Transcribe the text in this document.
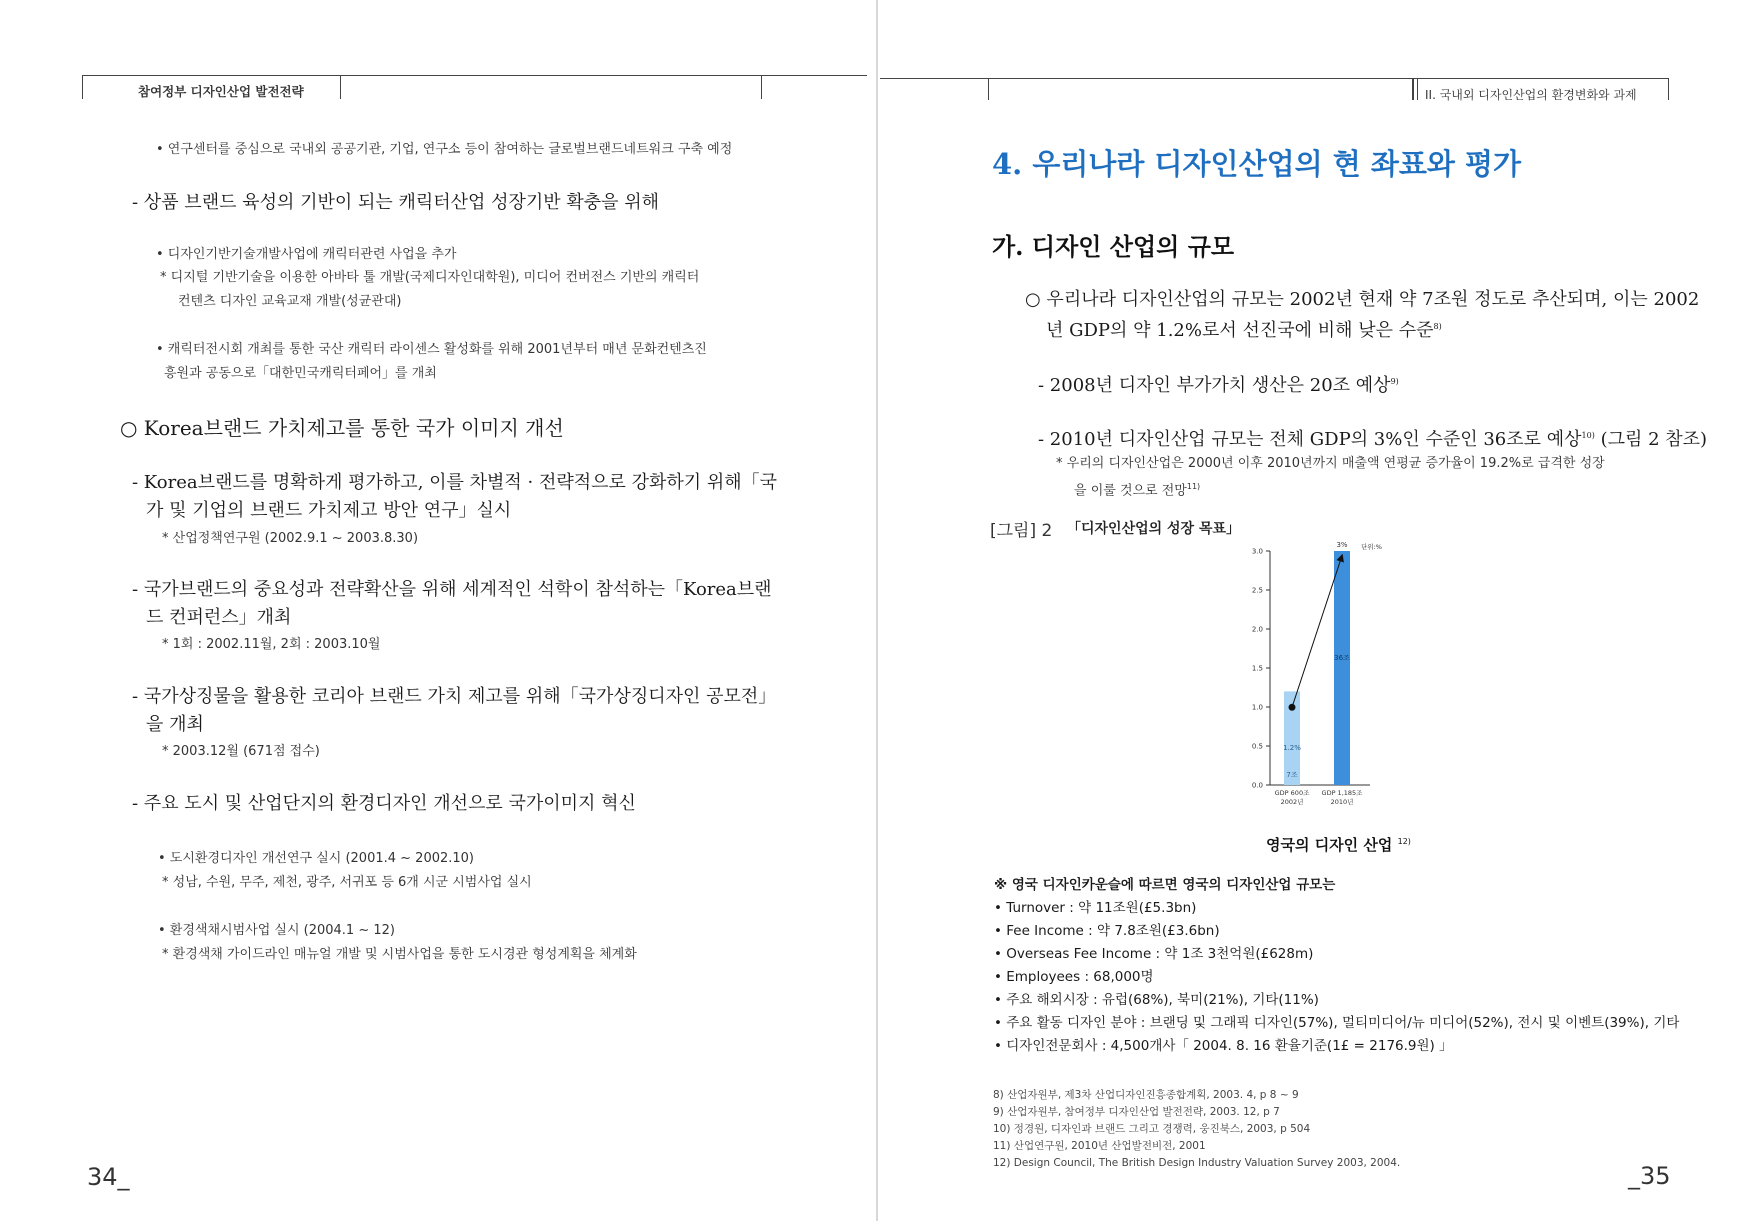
참여정부 디자인산업 발전전략
• 연구센터를 중심으로 국내외 공공기관, 기업, 연구소 등이 참여하는 글로벌브랜드네트워크 구축 예정
- 상품 브랜드 육성의 기반이 되는 캐릭터산업 성장기반 확충을 위해
• 디자인기반기술개발사업에 캐릭터관련 사업을 추가
* 디지털 기반기술을 이용한 아바타 툴 개발(국제디자인대학원), 미디어 컨버전스 기반의 캐릭터
컨텐츠 디자인 교육교재 개발(성균관대)
• 캐릭터전시회 개최를 통한 국산 캐릭터 라이센스 활성화를 위해 2001년부터 매년 문화컨텐츠진
흥원과 공동으로「대한민국캐릭터페어」를 개최
○ Korea브랜드 가치제고를 통한 국가 이미지 개선
- Korea브랜드를 명확하게 평가하고, 이를 차별적 · 전략적으로 강화하기 위해「국
가 및 기업의 브랜드 가치제고 방안 연구」실시
* 산업정책연구원 (2002.9.1 ~ 2003.8.30)
- 국가브랜드의 중요성과 전략확산을 위해 세계적인 석학이 참석하는「Korea브랜
드 컨퍼런스」개최
* 1회 : 2002.11월, 2회 : 2003.10월
- 국가상징물을 활용한 코리아 브랜드 가치 제고를 위해「국가상징디자인 공모전」
을 개최
* 2003.12월 (671점 접수)
- 주요 도시 및 산업단지의 환경디자인 개선으로 국가이미지 혁신
• 도시환경디자인 개선연구 실시 (2001.4 ~ 2002.10)
* 성남, 수원, 무주, 제천, 광주, 서귀포 등 6개 시군 시범사업 실시
• 환경색채시범사업 실시 (2004.1 ~ 12)
* 환경색채 가이드라인 매뉴얼 개발 및 시범사업을 통한 도시경관 형성계획을 체계화
34_
II. 국내외 디자인산업의 환경변화와 과제
4. 우리나라 디자인산업의 현 좌표와 평가
가. 디자인 산업의 규모
○ 우리나라 디자인산업의 규모는 2002년 현재 약 7조원 정도로 추산되며, 이는 2002
년 GDP의 약 1.2%로서 선진국에 비해 낮은 수준$^{8)}$
- 2008년 디자인 부가가치 생산은 20조 예상$^{9)}$
- 2010년 디자인산업 규모는 전체 GDP의 3%인 수준인 36조로 예상$^{10)}$ (그림 2 참조)
* 우리의 디자인산업은 2000년 이후 2010년까지 매출액 연평균 증가율이 19.2%로 급격한 성장
을 이룰 것으로 전망$^{11)}$
[그림] 2 「디자인산업의 성장 목표」
0.0
0.5
1.0
1.5
2.0
2.5
3.0
1.2%
7조
3%
36조
GDP 600조
2002년
GDP 1,185조
2010년
단위:%
영국의 디자인 산업 $^{12)}$
※ 영국 디자인카운슬에 따르면 영국의 디자인산업 규모는
• Turnover : 약 11조원(£5.3bn)
• Fee Income : 약 7.8조원(£3.6bn)
• Overseas Fee Income : 약 1조 3천억원(£628m)
• Employees : 68,000명
• 주요 해외시장 : 유럽(68%), 북미(21%), 기타(11%)
• 주요 활동 디자인 분야 : 브랜딩 및 그래픽 디자인(57%), 멀티미디어/뉴 미디어(52%), 전시 및 이벤트(39%), 기타
• 디자인전문회사 : 4,500개사「 2004. 8. 16 환율기준(1£ = 2176.9원) 」
8) 산업자원부, 제3차 산업디자인진흥종합계획, 2003. 4, p 8 ~ 9
9) 산업자원부, 참여정부 디자인산업 발전전략, 2003. 12, p 7
10) 정경원, 디자인과 브랜드 그리고 경쟁력, 웅진북스, 2003, p 504
11) 산업연구원, 2010년 산업발전비전, 2001
12) Design Council, The British Design Industry Valuation Survey 2003, 2004.	_35
